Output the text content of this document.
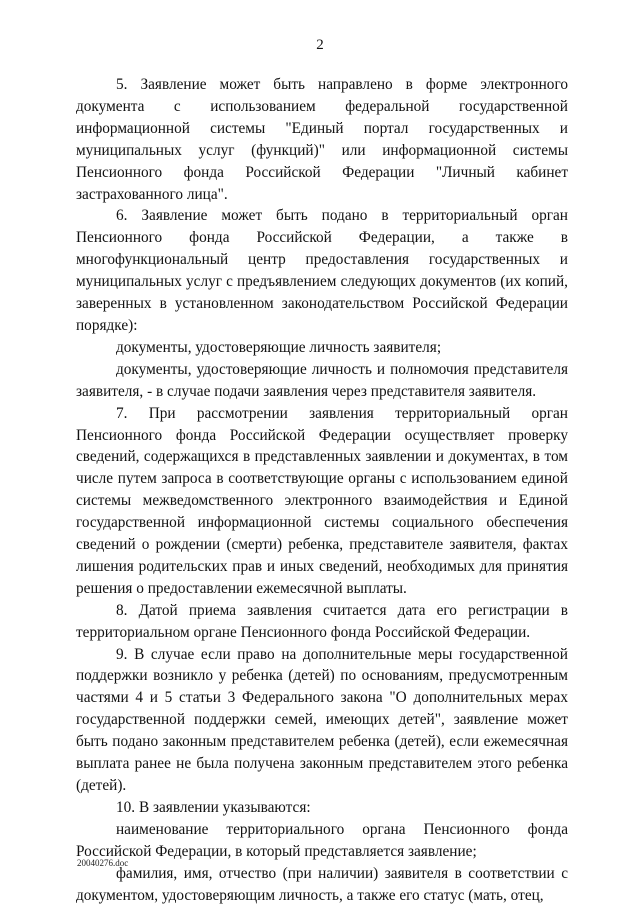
2

5. Заявление может быть направлено в форме электронного документа с использованием федеральной государственной информационной системы "Единый портал государственных и муниципальных услуг (функций)" или информационной системы Пенсионного фонда Российской Федерации "Личный кабинет застрахованного лица".

6. Заявление может быть подано в территориальный орган Пенсионного фонда Российской Федерации, а также в многофункциональный центр предоставления государственных и муниципальных услуг с предъявлением следующих документов (их копий, заверенных в установленном законодательством Российской Федерации порядке):

документы, удостоверяющие личность заявителя;

документы, удостоверяющие личность и полномочия представителя заявителя, - в случае подачи заявления через представителя заявителя.

7. При рассмотрении заявления территориальный орган Пенсионного фонда Российской Федерации осуществляет проверку сведений, содержащихся в представленных заявлении и документах, в том числе путем запроса в соответствующие органы с использованием единой системы межведомственного электронного взаимодействия и Единой государственной информационной системы социального обеспечения сведений о рождении (смерти) ребенка, представителе заявителя, фактах лишения родительских прав и иных сведений, необходимых для принятия решения о предоставлении ежемесячной выплаты.

8. Датой приема заявления считается дата его регистрации в территориальном органе Пенсионного фонда Российской Федерации.

9. В случае если право на дополнительные меры государственной поддержки возникло у ребенка (детей) по основаниям, предусмотренным частями 4 и 5 статьи 3 Федерального закона "О дополнительных мерах государственной поддержки семей, имеющих детей", заявление может быть подано законным представителем ребенка (детей), если ежемесячная выплата ранее не была получена законным представителем этого ребенка (детей).

10. В заявлении указываются:

наименование территориального органа Пенсионного фонда Российской Федерации, в который представляется заявление;

фамилия, имя, отчество (при наличии) заявителя в соответствии с документом, удостоверяющим личность, а также его статус (мать, отец,

20040276.doc
